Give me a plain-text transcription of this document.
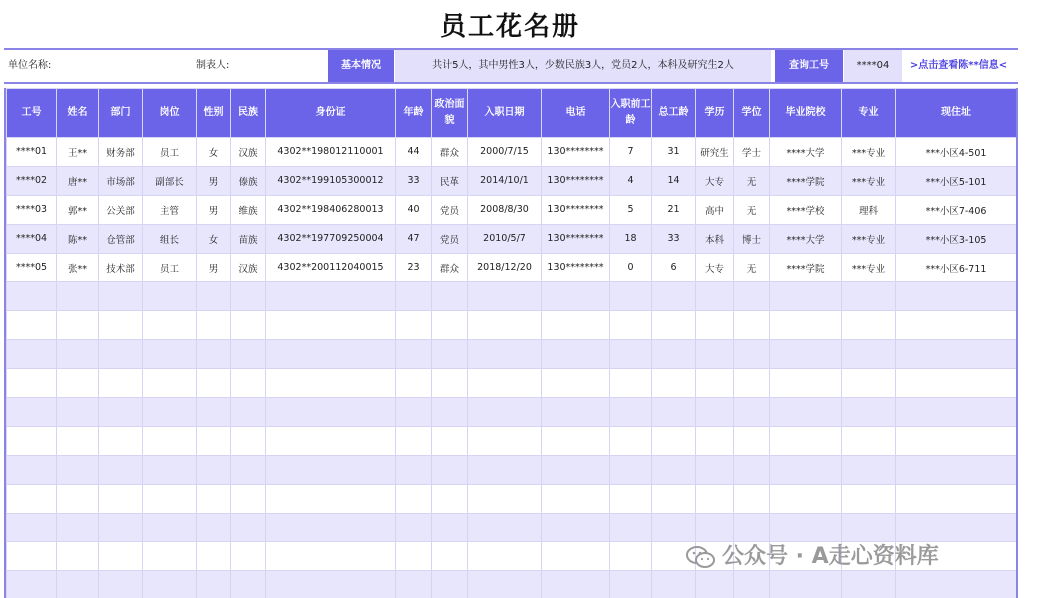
员工花名册
单位名称:	制表人:	基本情况	共计5人，其中男性3人，少数民族3人，党员2人，本科及研究生2人	查询工号	****04	>点击查看陈**信息<
工号	姓名	部门	岗位	性别	民族	身份证	年龄	政治面貌	入职日期	电话	入职前工龄	总工龄	学历	学位	毕业院校	专业	现住址
****01	王**	财务部	员工	女	汉族	4302**198012110001	44	群众	2000/7/15	130********	7	31	研究生	学士	****大学	***专业	***小区4-501
****02	唐**	市场部	副部长	男	傣族	4302**199105300012	33	民革	2014/10/1	130********	4	14	大专	无	****学院	***专业	***小区5-101
****03	郭**	公关部	主管	男	维族	4302**198406280013	40	党员	2008/8/30	130********	5	21	高中	无	****学校	理科	***小区7-406
****04	陈**	仓管部	组长	女	苗族	4302**197709250004	47	党员	2010/5/7	130********	18	33	本科	博士	****大学	***专业	***小区3-105
****05	张**	技术部	员工	男	汉族	4302**200112040015	23	群众	2018/12/20	130********	0	6	大专	无	****学院	***专业	***小区6-711

公众号 · A走心资料库
